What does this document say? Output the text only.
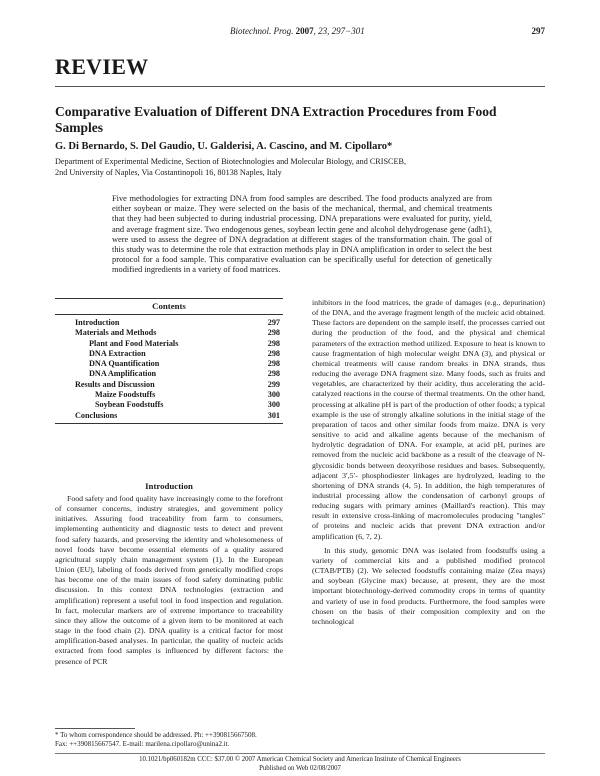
Biotechnol. Prog. 2007, 23, 297−301	297
REVIEW
Comparative Evaluation of Different DNA Extraction Procedures from Food Samples
G. Di Bernardo, S. Del Gaudio, U. Galderisi, A. Cascino, and M. Cipollaro*
Department of Experimental Medicine, Section of Biotechnologies and Molecular Biology, and CRISCEB,
2nd University of Naples, Via Costantinopoli 16, 80138 Naples, Italy
Five methodologies for extracting DNA from food samples are described. The food products analyzed are from either soybean or maize. They were selected on the basis of the mechanical, thermal, and chemical treatments that they had been subjected to during industrial processing. DNA preparations were evaluated for purity, yield, and average fragment size. Two endogenous genes, soybean lectin gene and alcohol dehydrogenase gene (adh1), were used to assess the degree of DNA degradation at different stages of the transformation chain. The goal of this study was to determine the role that extraction methods play in DNA amplification in order to select the best protocol for a food sample. This comparative evaluation can be specifically useful for detection of genetically modified ingredients in a variety of food matrices.
Contents
Introduction	297
Materials and Methods	298
Plant and Food Materials	298
DNA Extraction	298
DNA Quantification	298
DNA Amplification	298
Results and Discussion	299
Maize Foodstuffs	300
Soybean Foodstuffs	300
Conclusions	301
Introduction

Food safety and food quality have increasingly come to the forefront of consumer concerns, industry strategies, and government policy initiatives. Assuring food traceability from farm to consumers, implementing authenticity and diagnostic tests to detect and prevent food safety hazards, and preserving the identity and wholesomeness of novel foods have become essential elements of a quality assured agricultural supply chain management system (1). In the European Union (EU), labeling of foods derived from genetically modified crops has become one of the main issues of food safety dominating public discussion. In this context DNA technologies (extraction and amplification) represent a useful tool in food inspection and regulation. In fact, molecular markers are of extreme importance to traceability since they allow the outcome of a given item to be monitored at each stage in the food chain (2). DNA quality is a critical factor for most amplification-based analyses. In particular, the quality of nucleic acids extracted from food samples is influenced by different factors: the presence of PCR

inhibitors in the food matrices, the grade of damages (e.g., depurination) of the DNA, and the average fragment length of the nucleic acid obtained. These factors are dependent on the sample itself, the processes carried out during the production of the food, and the physical and chemical parameters of the extraction method utilized. Exposure to heat is known to cause fragmentation of high molecular weight DNA (3), and physical or chemical treatments will cause random breaks in DNA strands, thus reducing the average DNA fragment size. Many foods, such as fruits and vegetables, are characterized by their acidity, thus accelerating the acid-catalyzed reactions in the course of thermal treatments. On the other hand, processing at alkaline pH is part of the production of other foods; a typical example is the use of strongly alkaline solutions in the initial stage of the preparation of tacos and other similar foods from maize. DNA is very sensitive to acid and alkaline agents because of the mechanism of hydrolytic degradation of DNA. For example, at acid pH, purines are removed from the nucleic acid backbone as a result of the cleavage of N-glycosidic bonds between deoxyribose residues and bases. Subsequently, adjacent 3′,5′- phosphodiester linkages are hydrolyzed, leading to the shortening of DNA strands (4, 5). In addition, the high temperatures of industrial processing allow the condensation of carbonyl groups of reducing sugars with primary amines (Maillard's reaction). This may result in extensive cross-linking of macromolecules producing "tangles" of proteins and nucleic acids that prevent DNA extraction and/or amplification (6, 7, 2).

In this study, genomic DNA was isolated from foodstuffs using a variety of commercial kits and a published modified protocol (CTAB/PTB) (2). We selected foodstuffs containing maize (Zea mays) and soybean (Glycine max) because, at present, they are the most important biotechnology-derived commodity crops in terms of quantity and variety of use in food products. Furthermore, the food samples were chosen on the basis of their composition complexity and on the technological

* To whom correspondence should be addressed. Ph: ++390815667508.
Fax: ++390815667547. E-mail: marilena.cipollaro@unina2.it.
10.1021/bp060182m CCC: $37.00 © 2007 American Chemical Society and American Institute of Chemical Engineers
Published on Web 02/08/2007
